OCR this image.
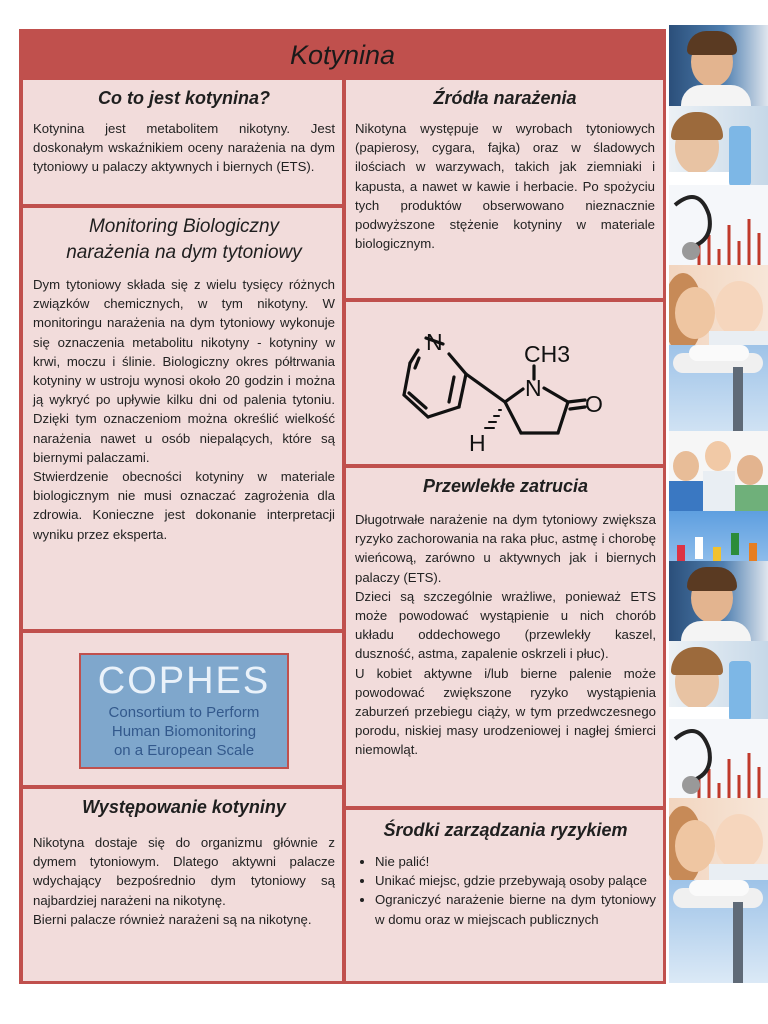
Kotynina
Co to jest kotynina?
Kotynina jest metabolitem nikotyny. Jest doskonałym wskaźnikiem oceny narażenia na dym tytoniowy u palaczy aktywnych i biernych (ETS).
Źródła narażenia
Nikotyna występuje w wyrobach tytoniowych (papierosy, cygara, fajka) oraz w śladowych ilościach w warzywach, takich jak ziemniaki i kapusta, a nawet w kawie i herbacie. Po spożyciu tych produktów obserwowano nieznacznie podwyższone stężenie kotyniny w materiale biologicznym.
Monitoring Biologiczny
narażenia na dym tytoniowy

Dym tytoniowy składa się z wielu tysięcy różnych związków chemicznych, w tym nikotyny. W monitoringu narażenia na dym tytoniowy wykonuje się oznaczenia metabolitu nikotyny - kotyniny w krwi, moczu i ślinie. Biologiczny okres półtrwania kotyniny w ustroju wynosi około 20 godzin i można ją wykryć po upływie kilku dni od palenia tytoniu. Dzięki tym oznaczeniom można określić wielkość narażenia nawet u osób niepalących, które są biernymi palaczami.

Stwierdzenie obecności kotyniny w materiale biologicznym nie musi oznaczać zagrożenia dla zdrowia. Konieczne jest dokonanie interpretacji wyniku przez eksperta.

N
N
CH3
O
H
Przewlekłe zatrucia

Długotrwałe narażenie na dym tytoniowy zwiększa ryzyko zachorowania na raka płuc, astmę i chorobę wieńcową, zarówno u aktywnych jak i biernych palaczy (ETS).

Dzieci są szczególnie wrażliwe, ponieważ ETS może powodować wystąpienie u nich chorób układu oddechowego (przewlekły kaszel, duszność, astma, zapalenie oskrzeli i płuc).

U kobiet aktywne i/lub bierne palenie może powodować zwiększone ryzyko wystąpienia zaburzeń przebiegu ciąży, w tym przedwczesnego porodu, niskiej masy urodzeniowej i nagłej śmierci niemowląt.

COPHES
Consortium to Perform
Human Biomonitoring
on a European Scale
Występowanie kotyniny

Nikotyna dostaje się do organizmu głównie z dymem tytoniowym. Dlatego aktywni palacze wdychający bezpośrednio dym tytoniowy są najbardziej narażeni na nikotynę.

Bierni palacze również narażeni są na nikotynę.

Środki zarządzania ryzykiem
• Nie palić!
• Unikać miejsc, gdzie przebywają osoby palące
• Ograniczyć narażenie bierne na dym tytoniowy w domu oraz w miejscach publicznych
